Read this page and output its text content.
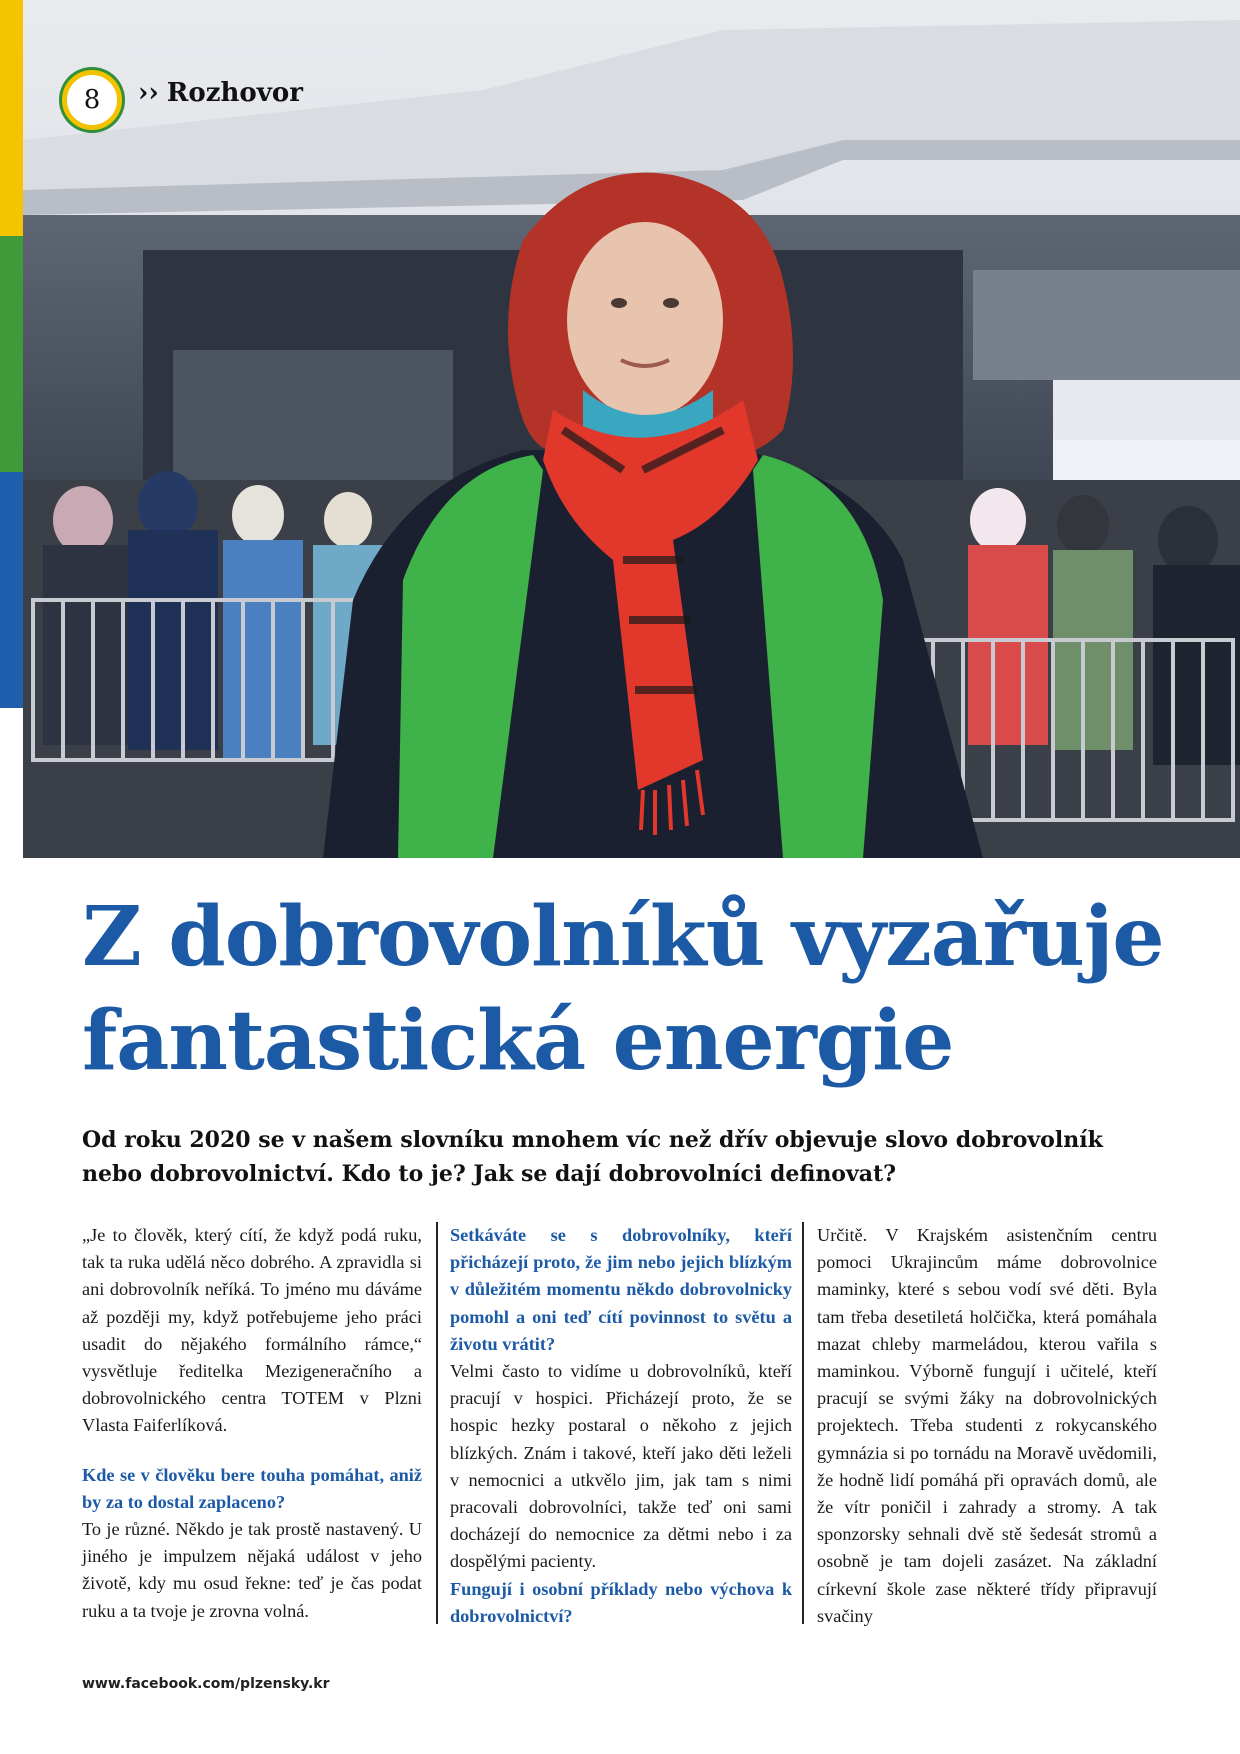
8 ›› Rozhovor
Z dobrovolníků vyzařuje
fantastická energie

Od roku 2020 se v našem slovníku mnohem víc než dřív objevuje slovo dobrovolník
nebo dobrovolnictví. Kdo to je? Jak se dají dobrovolníci definovat?

„Je to člověk, který cítí, že když podá ruku, tak ta ruka udělá něco dobrého. A zpravidla si ani dobrovolník neříká. To jméno mu dáváme až později my, když potřebujeme jeho práci usadit do nějakého formálního rámce,“ vysvětluje ředitelka Mezigeneračního a dobrovolnického centra TOTEM v Plzni Vlasta Faiferlíková.

Kde se v člověku bere touha pomáhat, aniž by za to dostal zaplaceno?

To je různé. Někdo je tak prostě nastavený. U jiného je impulzem nějaká událost v jeho životě, kdy mu osud řekne: teď je čas podat ruku a ta tvoje je zrovna volná.

Setkáváte se s dobrovolníky, kteří přicházejí proto, že jim nebo jejich blízkým v důležitém momentu někdo dobrovolnicky pomohl a oni teď cítí povinnost to světu a životu vrátit?

Velmi často to vidíme u dobrovolníků, kteří pracují v hospici. Přicházejí proto, že se hospic hezky postaral o někoho z jejich blízkých. Znám i takové, kteří jako děti leželi v nemocnici a utkvělo jim, jak tam s nimi pracovali dobrovolníci, takže teď oni sami docházejí do nemocnice za dětmi nebo i za dospělými pacienty.

Fungují i osobní příklady nebo výchova k dobrovolnictví?

Určitě. V Krajském asistenčním centru pomoci Ukrajincům máme dobrovolnice maminky, které s sebou vodí své děti. Byla tam třeba desetiletá holčička, která pomáhala mazat chleby marmeládou, kterou vařila s maminkou. Výborně fungují i učitelé, kteří pracují se svými žáky na dobrovolnických projektech. Třeba studenti z rokycanského gymnázia si po tornádu na Moravě uvědomili, že hodně lidí pomáhá při opravách domů, ale že vítr poničil i zahrady a stromy. A tak sponzorsky sehnali dvě stě šedesát stromů a osobně je tam dojeli zasázet. Na základní církevní škole zase některé třídy připravují svačiny

www.facebook.com/plzensky.kr
